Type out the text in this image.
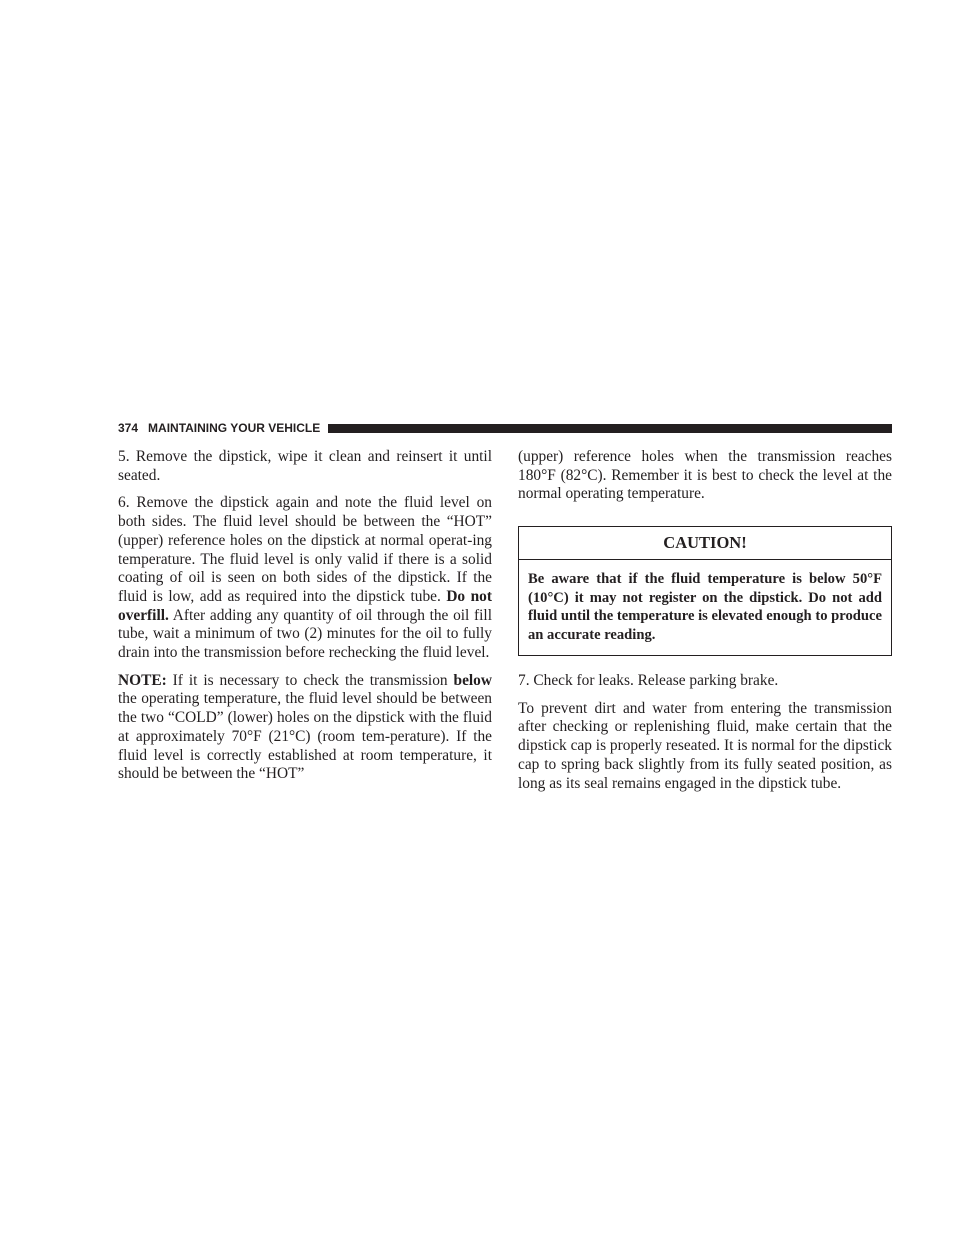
374 MAINTAINING YOUR VEHICLE

5. Remove the dipstick, wipe it clean and reinsert it until seated.

6. Remove the dipstick again and note the fluid level on both sides. The fluid level should be between the “HOT” (upper) reference holes on the dipstick at normal operat-ing temperature. The fluid level is only valid if there is a solid coating of oil is seen on both sides of the dipstick. If the fluid is low, add as required into the dipstick tube. Do not overfill. After adding any quantity of oil through the oil fill tube, wait a minimum of two (2) minutes for the oil to fully drain into the transmission before rechecking the fluid level.

NOTE: If it is necessary to check the transmission below the operating temperature, the fluid level should be between the two “COLD” (lower) holes on the dipstick with the fluid at approximately 70°F (21°C) (room tem-perature). If the fluid level is correctly established at room temperature, it should be between the “HOT”

(upper) reference holes when the transmission reaches 180°F (82°C). Remember it is best to check the level at the normal operating temperature.

CAUTION!
Be aware that if the fluid temperature is below 50°F (10°C) it may not register on the dipstick. Do not add fluid until the temperature is elevated enough to produce an accurate reading.

7. Check for leaks. Release parking brake.

To prevent dirt and water from entering the transmission after checking or replenishing fluid, make certain that the dipstick cap is properly reseated. It is normal for the dipstick cap to spring back slightly from its fully seated position, as long as its seal remains engaged in the dipstick tube.
